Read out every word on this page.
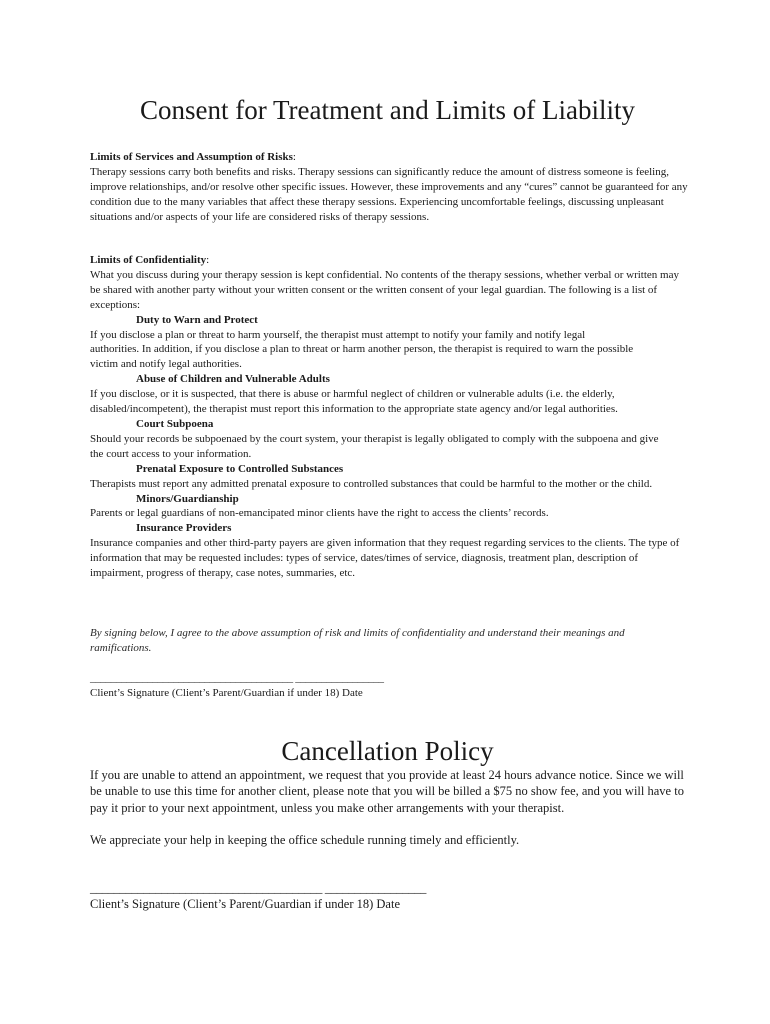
Consent for Treatment and Limits of Liability

Limits of Services and Assumption of Risks:

Therapy sessions carry both benefits and risks. Therapy sessions can significantly reduce the amount of distress someone is feeling, improve relationships, and/or resolve other specific issues. However, these improvements and any “cures” cannot be guaranteed for any condition due to the many variables that affect these therapy sessions. Experiencing uncomfortable feelings, discussing unpleasant situations and/or aspects of your life are considered risks of therapy sessions.

Limits of Confidentiality:

What you discuss during your therapy session is kept confidential. No contents of the therapy sessions, whether verbal or written may be shared with another party without your written consent or the written consent of your legal guardian. The following is a list of exceptions:

Duty to Warn and Protect

If you disclose a plan or threat to harm yourself, the therapist must attempt to notify your family and notify legal authorities. In addition, if you disclose a plan to threat or harm another person, the therapist is required to warn the possible victim and notify legal authorities.

Abuse of Children and Vulnerable Adults

If you disclose, or it is suspected, that there is abuse or harmful neglect of children or vulnerable adults (i.e. the elderly, disabled/incompetent), the therapist must report this information to the appropriate state agency and/or legal authorities.

Court Subpoena

Should your records be subpoenaed by the court system, your therapist is legally obligated to comply with the subpoena and give the court access to your information.

Prenatal Exposure to Controlled Substances

Therapists must report any admitted prenatal exposure to controlled substances that could be harmful to the mother or the child.

Minors/Guardianship

Parents or legal guardians of non-emancipated minor clients have the right to access the clients’ records.

Insurance Providers

Insurance companies and other third-party payers are given information that they request regarding services to the clients. The type of information that may be requested includes: types of service, dates/times of service, diagnosis, treatment plan, description of impairment, progress of therapy, case notes, summaries, etc.

By signing below, I agree to the above assumption of risk and limits of confidentiality and understand their meanings and ramifications.

_______________________________________ _________________

Client’s Signature (Client’s Parent/Guardian if under 18) Date

Cancellation Policy

If you are unable to attend an appointment, we request that you provide at least 24 hours advance notice. Since we will be unable to use this time for another client, please note that you will be billed a $75 no show fee, and you will have to pay it prior to your next appointment, unless you make other arrangements with your therapist.

We appreciate your help in keeping the office schedule running timely and efficiently.

_______________________________________ _________________

Client’s Signature (Client’s Parent/Guardian if under 18) Date
